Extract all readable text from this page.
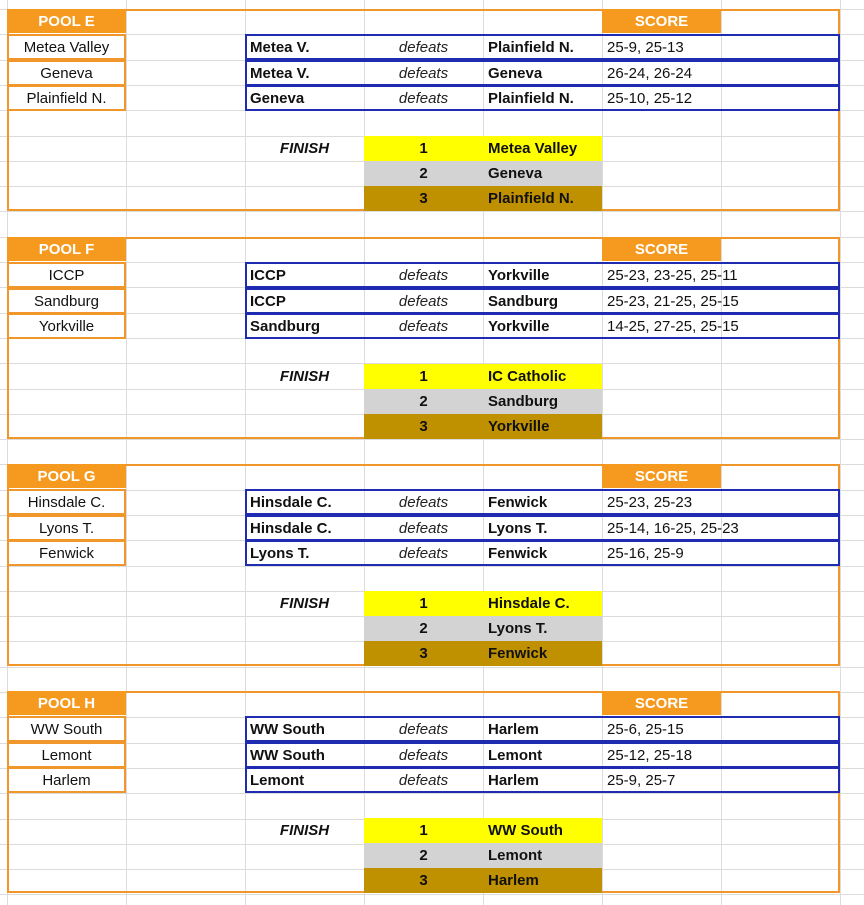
POOL E	SCORE
Metea Valley
Geneva
Plainfield N.
Metea V.	defeats	Plainfield N.	25-9, 25-13
Metea V.	defeats	Geneva	26-24, 26-24
Geneva	defeats	Plainfield N.	25-10, 25-12
FINISH	1	Metea Valley
2	Geneva
3	Plainfield N.
POOL F	SCORE
ICCP
Sandburg
Yorkville
ICCP	defeats	Yorkville	25-23, 23-25, 25-11
ICCP	defeats	Sandburg	25-23, 21-25, 25-15
Sandburg	defeats	Yorkville	14-25, 27-25, 25-15
FINISH	1	IC Catholic
2	Sandburg
3	Yorkville
POOL G	SCORE
Hinsdale C.
Lyons T.
Fenwick
Hinsdale C.	defeats	Fenwick	25-23, 25-23
Hinsdale C.	defeats	Lyons T.	25-14, 16-25, 25-23
Lyons T.	defeats	Fenwick	25-16, 25-9
FINISH	1	Hinsdale C.
2	Lyons T.
3	Fenwick
POOL H	SCORE
WW South
Lemont
Harlem
WW South	defeats	Harlem	25-6, 25-15
WW South	defeats	Lemont	25-12, 25-18
Lemont	defeats	Harlem	25-9, 25-7
FINISH	1	WW South
2	Lemont
3	Harlem
